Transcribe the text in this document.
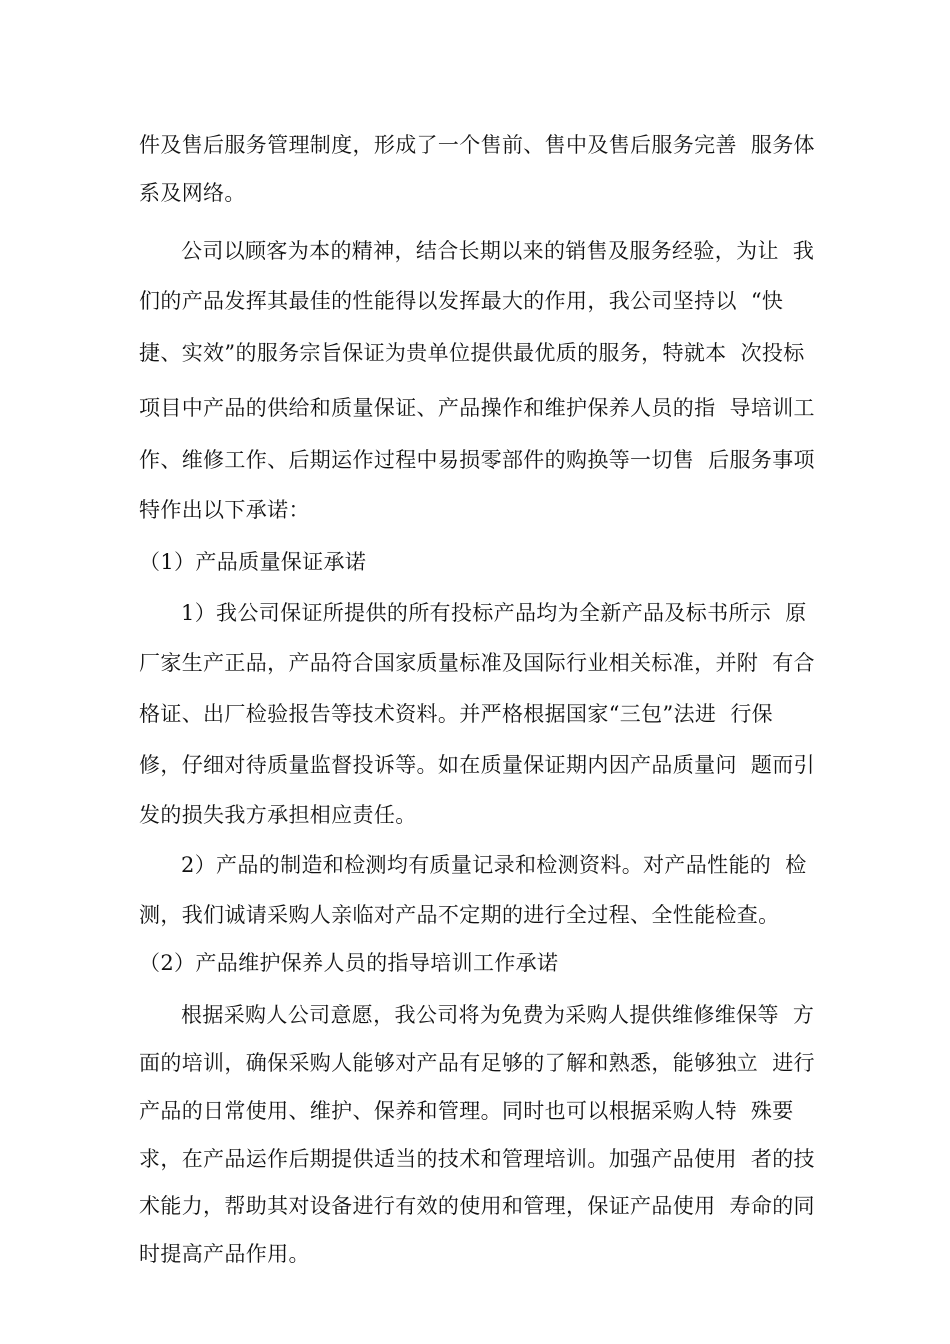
件及售后服务管理制度，形成了一个售前、售中及售后服务完善  服务体
系及网络。
公司以顾客为本的精神，结合长期以来的销售及服务经验，为让  我
们的产品发挥其最佳的性能得以发挥最大的作用，我公司坚持以  “快
捷、实效”的服务宗旨保证为贵单位提供最优质的服务，特就本  次投标
项目中产品的供给和质量保证、产品操作和维护保养人员的指  导培训工
作、维修工作、后期运作过程中易损零部件的购换等一切售  后服务事项
特作出以下承诺：
（1）产品质量保证承诺
1）我公司保证所提供的所有投标产品均为全新产品及标书所示  原
厂家生产正品，产品符合国家质量标准及国际行业相关标准，并附  有合
格证、出厂检验报告等技术资料。并严格根据国家“三包”法进  行保
修，仔细对待质量监督投诉等。如在质量保证期内因产品质量问  题而引
发的损失我方承担相应责任。
2）产品的制造和检测均有质量记录和检测资料。对产品性能的  检
测，我们诚请采购人亲临对产品不定期的进行全过程、全性能检查。
（2）产品维护保养人员的指导培训工作承诺
根据采购人公司意愿，我公司将为免费为采购人提供维修维保等  方
面的培训，确保采购人能够对产品有足够的了解和熟悉，能够独立  进行
产品的日常使用、维护、保养和管理。同时也可以根据采购人特  殊要
求，在产品运作后期提供适当的技术和管理培训。加强产品使用  者的技
术能力，帮助其对设备进行有效的使用和管理，保证产品使用  寿命的同
时提高产品作用。
